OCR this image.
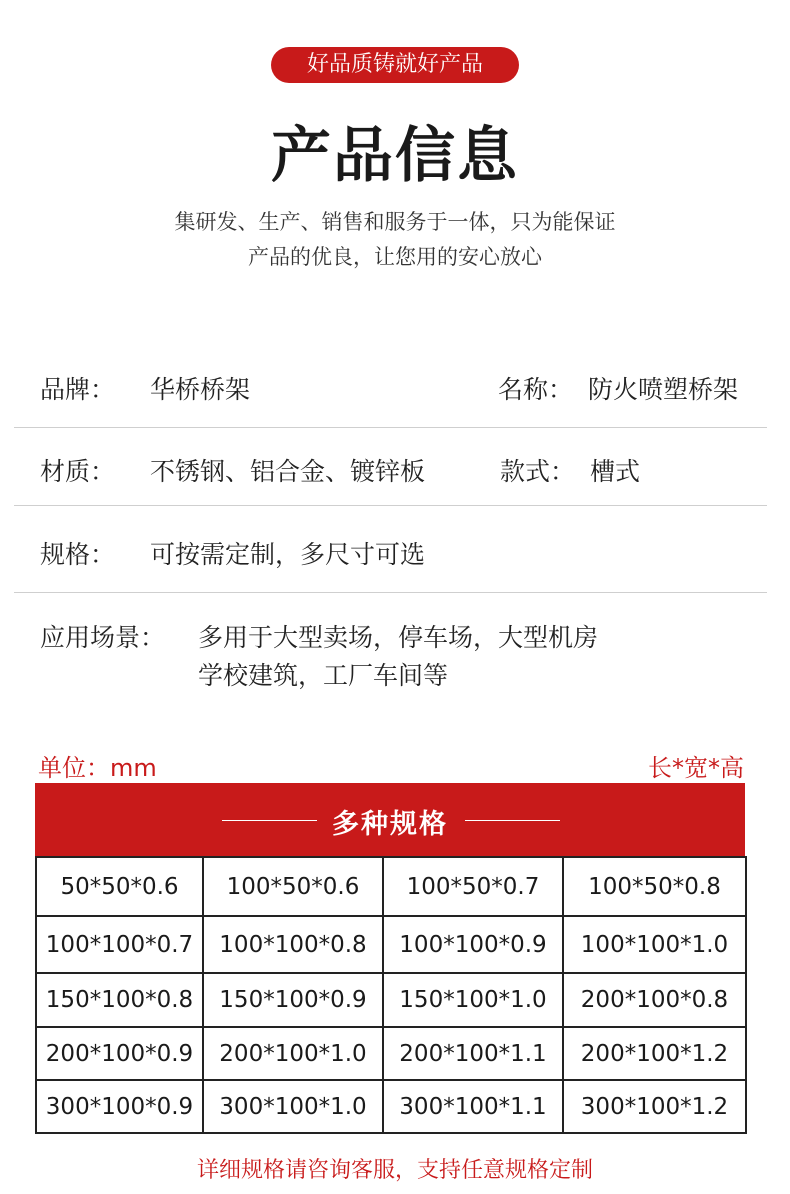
好品质铸就好产品
产品信息
集研发、生产、销售和服务于一体，只为能保证
产品的优良，让您用的安心放心
品牌： 华桥桥架	名称： 防火喷塑桥架
材质： 不锈钢、铝合金、镀锌板	款式： 槽式
规格： 可按需定制，多尺寸可选
应用场景： 多用于大型卖场，停车场，大型机房
学校建筑，工厂车间等
单位：mm	长*宽*高
多种规格
50*50*0.6	100*50*0.6	100*50*0.7	100*50*0.8
100*100*0.7	100*100*0.8	100*100*0.9	100*100*1.0
150*100*0.8	150*100*0.9	150*100*1.0	200*100*0.8
200*100*0.9	200*100*1.0	200*100*1.1	200*100*1.2
300*100*0.9	300*100*1.0	300*100*1.1	300*100*1.2
详细规格请咨询客服，支持任意规格定制
